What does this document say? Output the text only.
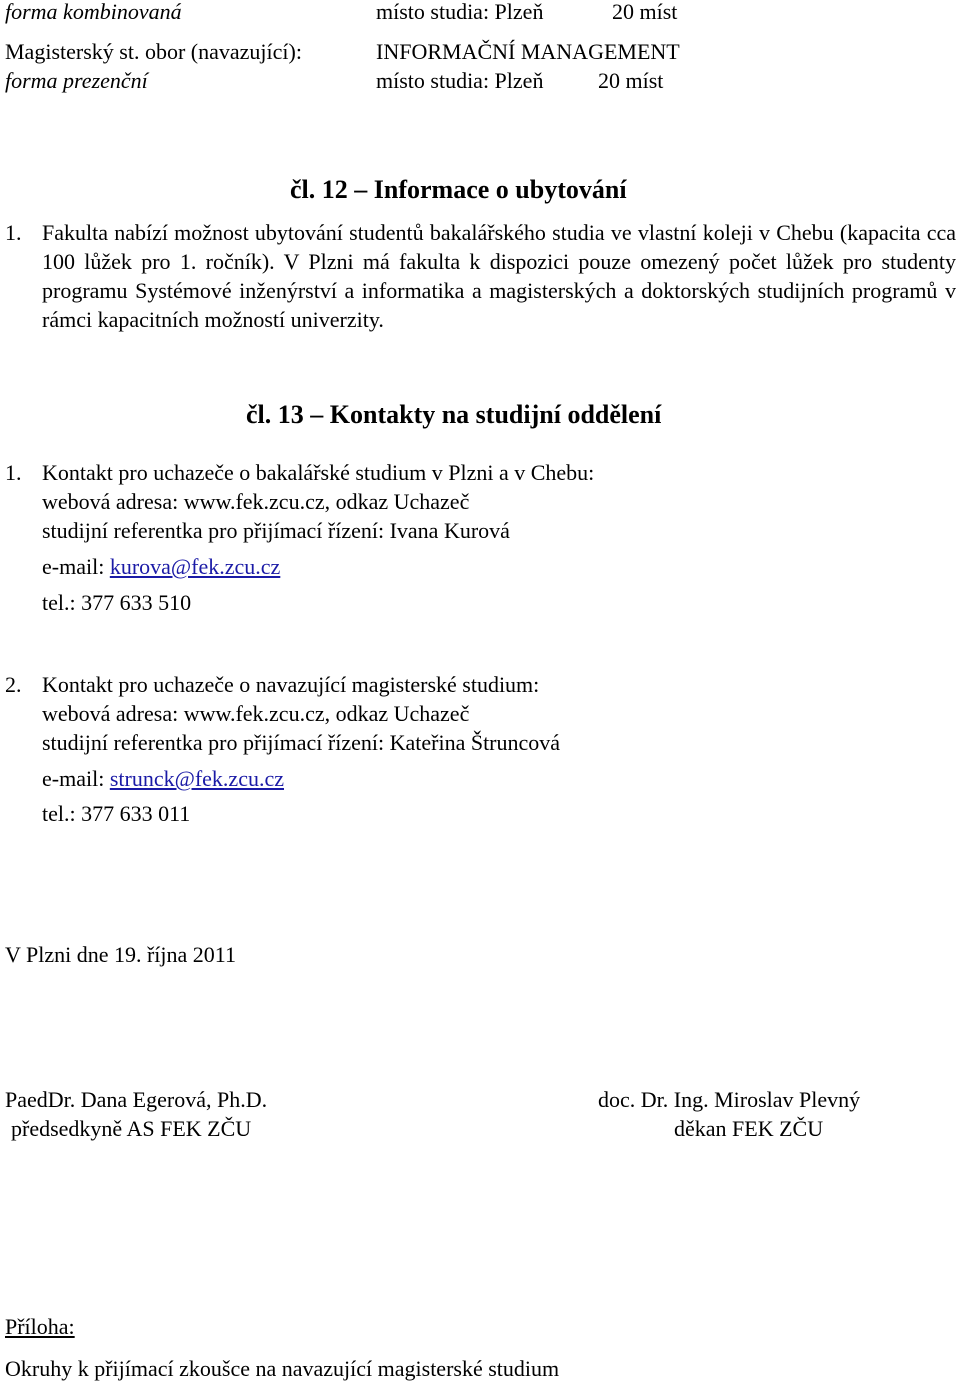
forma kombinovaná	místo studia: Plzeň	20 míst
Magisterský st. obor (navazující):	INFORMAČNÍ MANAGEMENT
forma prezenční	místo studia: Plzeň 20 míst
čl. 12 – Informace o ubytování
1. Fakulta nabízí možnost ubytování studentů bakalářského studia ve vlastní koleji v Chebu (kapacita cca 100 lůžek pro 1. ročník). V Plzni má fakulta k dispozici pouze omezený počet lůžek pro studenty programu Systémové inženýrství a informatika a magisterských a doktorských studijních programů v rámci kapacitních možností univerzity.
čl. 13 – Kontakty na studijní oddělení
1. Kontakt pro uchazeče o bakalářské studium v Plzni a v Chebu:
webová adresa: www.fek.zcu.cz, odkaz Uchazeč
studijní referentka pro přijímací řízení: Ivana Kurová
e-mail: kurova@fek.zcu.cz
tel.: 377 633 510
2. Kontakt pro uchazeče o navazující magisterské studium:
webová adresa: www.fek.zcu.cz, odkaz Uchazeč
studijní referentka pro přijímací řízení: Kateřina Štruncová
e-mail: strunck@fek.zcu.cz
tel.: 377 633 011
V Plzni dne 19. října 2011
PaedDr. Dana Egerová, Ph.D.
předsedkyně AS FEK ZČU
doc. Dr. Ing. Miroslav Plevný
děkan FEK ZČU
Příloha:
Okruhy k přijímací zkoušce na navazující magisterské studium
